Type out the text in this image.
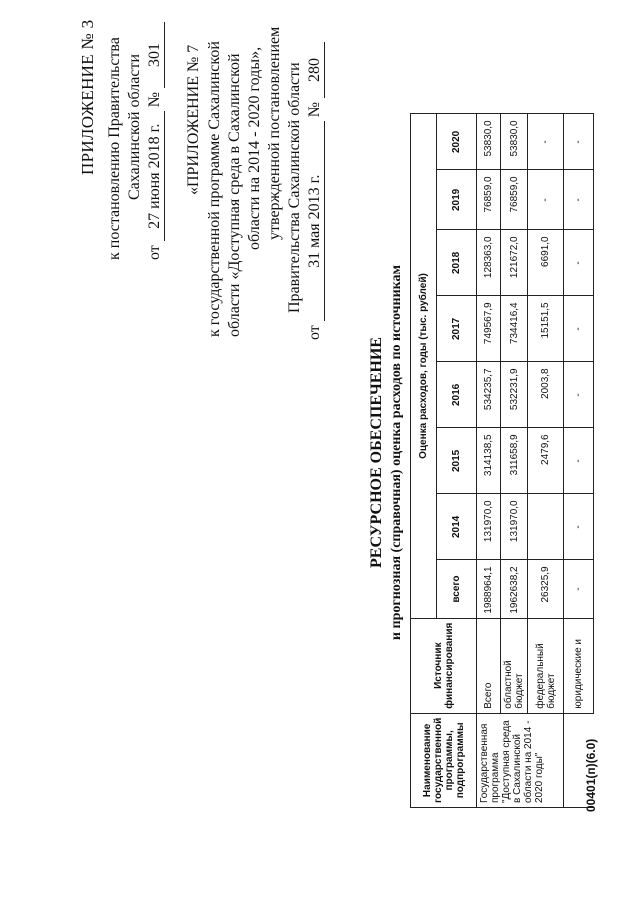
ПРИЛОЖЕНИЕ № 3 к постановлению Правительства Сахалинской области
от 27 июня 2018 г. № 301 «ПРИЛОЖЕНИЕ № 7 к государственной программе Сахалинской области «Доступная среда в Сахалинской области на 2014 - 2020 годы», утвержденной постановлением Правительства Сахалинской области
от 31 мая 2013 г. № 280
РЕСУРСНОЕ ОБЕСПЕЧЕНИЕ и прогнозная (справочная) оценка расходов по источникам
Наименование государственной программы, подпрограммы	Источник финансирования	Оценка расходов, годы (тыс. рублей)							
		всего	2014	2015	2016	2017	2018	2019	2020
Государственная программа "Доступная среда в Сахалинской области на 2014 - 2020 годы"	Всего	1988964,1	131970,0	314138,5	534235,7	749567,9	128363,0	76859,0	53830,0
	областной бюджет	1962638,2	131970,0	311658,9	532231,9	734416,4	121672,0	76859,0	53830,0
	федеральный бюджет	26325,9		2479,6	2003,8	15151,5	6691,0	-	-
	юридические и	-	-	-	-	-	-	-	-
00401(п)(6.0)
